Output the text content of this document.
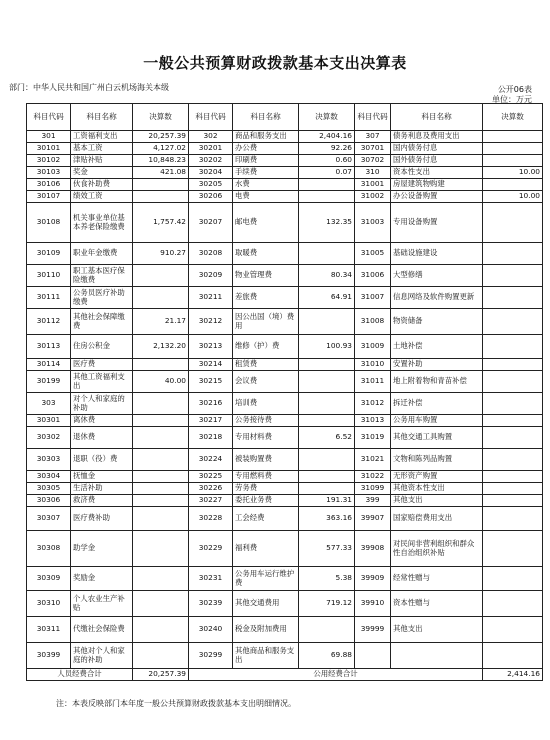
一般公共预算财政拨款基本支出决算表
部门：中华人民共和国广州白云机场海关本级	公开06表
单位：万元
科目代码	科目名称	决算数	科目代码	科目名称	决算数	科目代码	科目名称	决算数
301	工资福利支出	20,257.39	302	商品和服务支出	2,404.16	307	债务利息及费用支出	
30101	基本工资	4,127.02	30201	办公费	92.26	30701	国内债务付息	
30102	津贴补贴	10,848.23	30202	印刷费	0.60	30702	国外债务付息	
30103	奖金	421.08	30204	手续费	0.07	310	资本性支出	10.00
30106	伙食补助费		30205	水费		31001	房屋建筑物购建	
30107	绩效工资		30206	电费		31002	办公设备购置	10.00
30108	机关事业单位基本养老保险缴费	1,757.42	30207	邮电费	132.35	31003	专用设备购置	
30109	职业年金缴费	910.27	30208	取暖费		31005	基础设施建设	
30110	职工基本医疗保险缴费		30209	物业管理费	80.34	31006	大型修缮	
30111	公务员医疗补助缴费		30211	差旅费	64.91	31007	信息网络及软件购置更新	
30112	其他社会保障缴费	21.17	30212	因公出国（境）费用		31008	物资储备	
30113	住房公积金	2,132.20	30213	维修（护）费	100.93	31009	土地补偿	
30114	医疗费		30214	租赁费		31010	安置补助	
30199	其他工资福利支出	40.00	30215	会议费		31011	地上附着物和青苗补偿	
303	对个人和家庭的补助		30216	培训费		31012	拆迁补偿	
30301	离休费		30217	公务接待费		31013	公务用车购置	
30302	退休费		30218	专用材料费	6.52	31019	其他交通工具购置	
30303	退职（役）费		30224	被装购置费		31021	文物和陈列品购置	
30304	抚恤金		30225	专用燃料费		31022	无形资产购置	
30305	生活补助		30226	劳务费		31099	其他资本性支出	
30306	救济费		30227	委托业务费	191.31	399	其他支出	
30307	医疗费补助		30228	工会经费	363.16	39907	国家赔偿费用支出	
30308	助学金		30229	福利费	577.33	39908	对民间非营利组织和群众性自治组织补贴	
30309	奖励金		30231	公务用车运行维护费	5.38	39909	经常性赠与	
30310	个人农业生产补贴		30239	其他交通费用	719.12	39910	资本性赠与	
30311	代缴社会保险费		30240	税金及附加费用		39999	其他支出	
30399	其他对个人和家庭的补助		30299	其他商品和服务支出	69.88			
人员经费合计		20,257.39	公用经费合计					2,414.16
注：本表反映部门本年度一般公共预算财政拨款基本支出明细情况。
